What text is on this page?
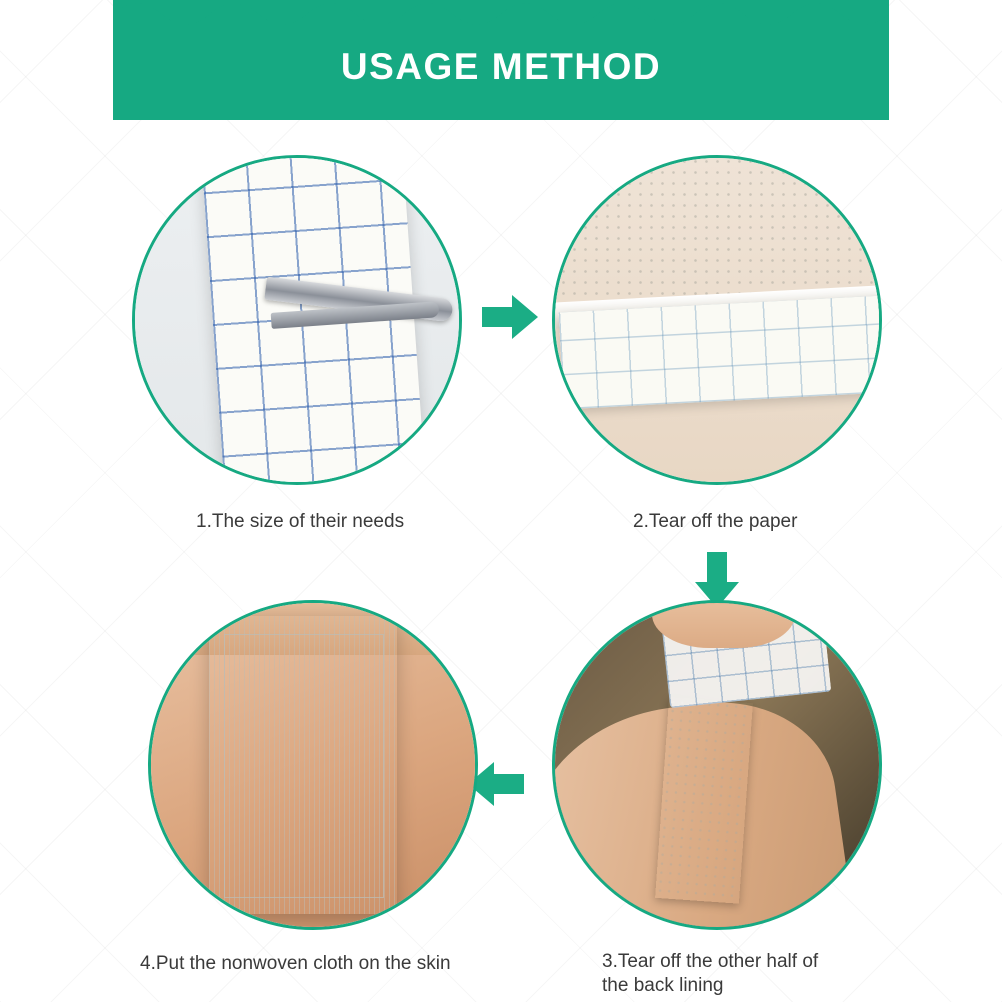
USAGE METHOD
1.The size of their needs	2.Tear off the paper
3.Tear off the other half of
the back lining
4.Put the nonwoven cloth on the skin
